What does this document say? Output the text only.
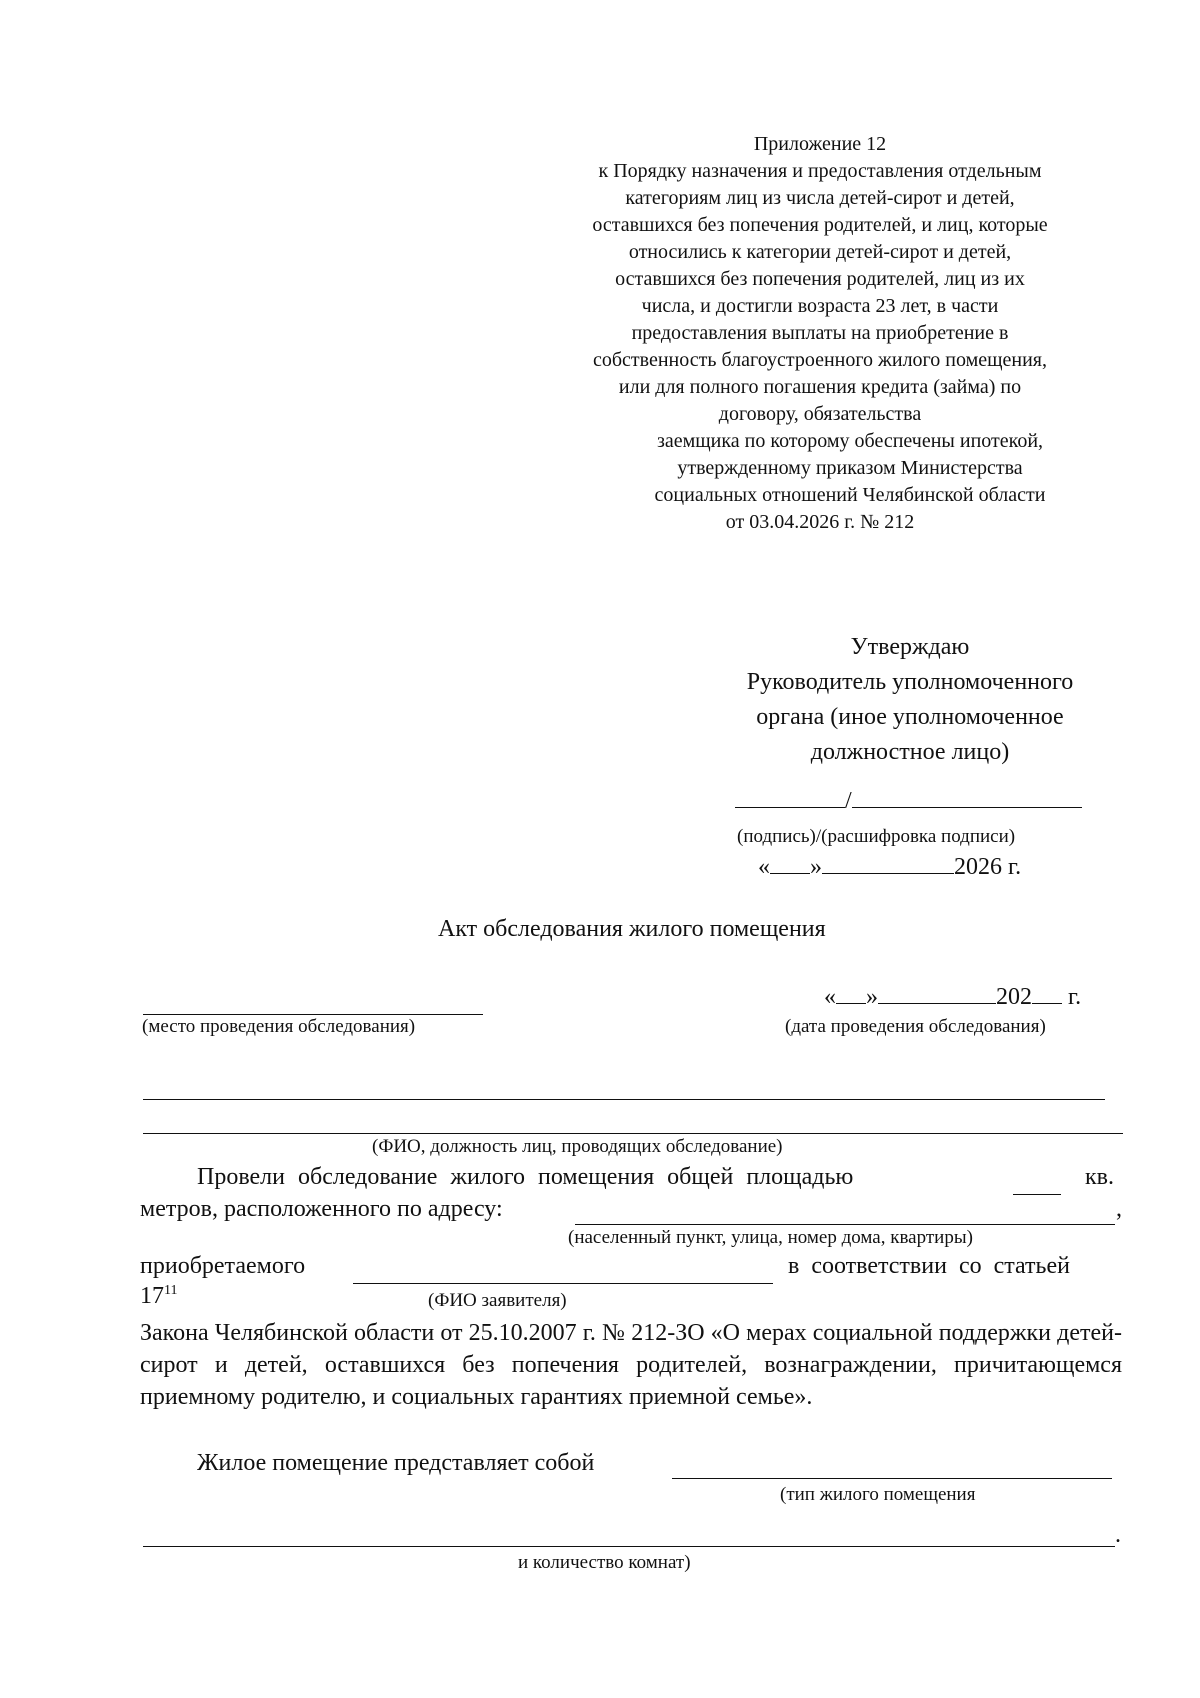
Приложение 12
к Порядку назначения и предоставления отдельным
категориям лиц из числа детей-сирот и детей,
оставшихся без попечения родителей, и лиц, которые
относились к категории детей-сирот и детей,
оставшихся без попечения родителей, лиц из их
числа, и достигли возраста 23 лет, в части
предоставления выплаты на приобретение в
собственность благоустроенного жилого помещения,
или для полного погашения кредита (займа) по
договору, обязательства
заемщика по которому обеспечены ипотекой,
утвержденному приказом Министерства
социальных отношений Челябинской области
от 03.04.2026 г. № 212
Утверждаю
Руководитель уполномоченного
органа (иное уполномоченное
должностное лицо)
/
(подпись)/(расшифровка подписи)
« »	2026 г.
Акт обследования жилого помещения
(место проведения обследования)
« »	202 г.
(дата проведения обследования)
(ФИО, должность лиц, проводящих обследование)
Провели обследование жилого помещения общей площадью	кв.
метров, расположенного по адресу:	,
(населенный пункт, улица, номер дома, квартиры)
приобретаемого	в соответствии со статьей
$17^{11}$	(ФИО заявителя)

Закона Челябинской области от 25.10.2007 г. № 212-ЗО «О мерах социальной поддержки детей-сирот и детей, оставшихся без попечения родителей, вознаграждении, причитающемся приемному родителю, и социальных гарантиях приемной семье».

Жилое помещение представляет собой
(тип жилого помещения
.
и количество комнат)
